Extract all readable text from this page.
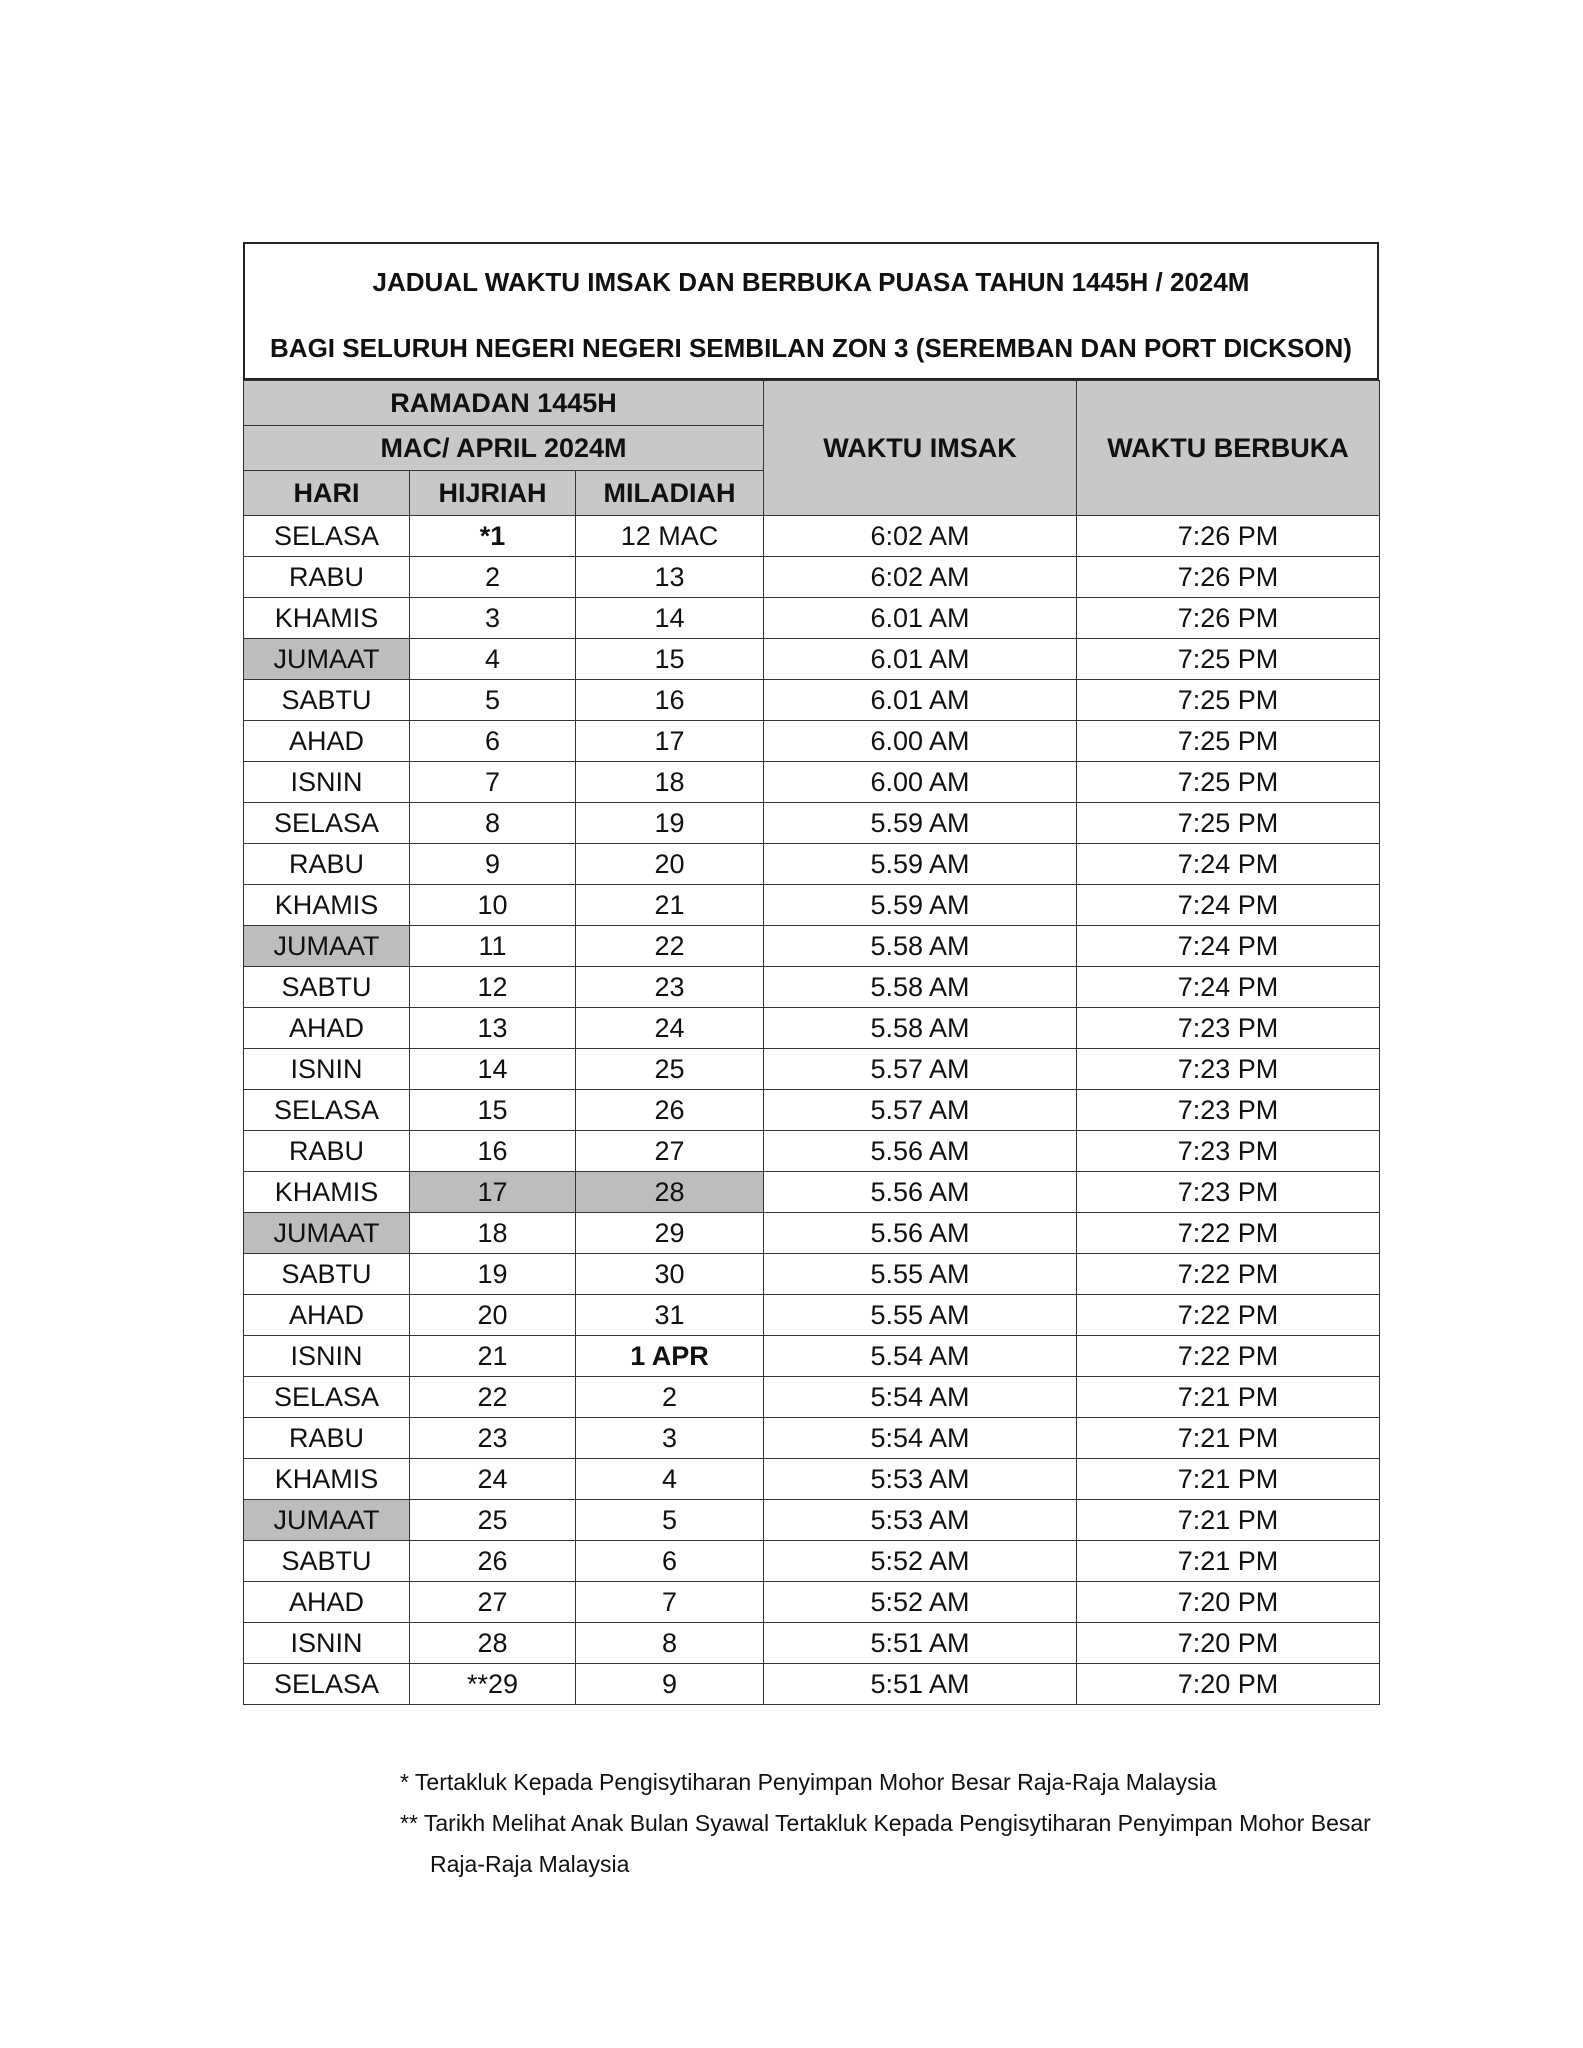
JADUAL WAKTU IMSAK DAN BERBUKA PUASA TAHUN 1445H / 2024M
BAGI SELURUH NEGERI NEGERI SEMBILAN ZON 3 (SEREMBAN DAN PORT DICKSON)
RAMADAN 1445H			WAKTU IMSAK	WAKTU BERBUKA
MAC/ APRIL 2024M				
HARI	HIJRIAH	MILADIAH		
SELASA	*1	12 MAC	6:02 AM	7:26 PM
RABU	2	13	6:02 AM	7:26 PM
KHAMIS	3	14	6.01 AM	7:26 PM
JUMAAT	4	15	6.01 AM	7:25 PM
SABTU	5	16	6.01 AM	7:25 PM
AHAD	6	17	6.00 AM	7:25 PM
ISNIN	7	18	6.00 AM	7:25 PM
SELASA	8	19	5.59 AM	7:25 PM
RABU	9	20	5.59 AM	7:24 PM
KHAMIS	10	21	5.59 AM	7:24 PM
JUMAAT	11	22	5.58 AM	7:24 PM
SABTU	12	23	5.58 AM	7:24 PM
AHAD	13	24	5.58 AM	7:23 PM
ISNIN	14	25	5.57 AM	7:23 PM
SELASA	15	26	5.57 AM	7:23 PM
RABU	16	27	5.56 AM	7:23 PM
KHAMIS	17	28	5.56 AM	7:23 PM
JUMAAT	18	29	5.56 AM	7:22 PM
SABTU	19	30	5.55 AM	7:22 PM
AHAD	20	31	5.55 AM	7:22 PM
ISNIN	21	1 APR	5.54 AM	7:22 PM
SELASA	22	2	5:54 AM	7:21 PM
RABU	23	3	5:54 AM	7:21 PM
KHAMIS	24	4	5:53 AM	7:21 PM
JUMAAT	25	5	5:53 AM	7:21 PM
SABTU	26	6	5:52 AM	7:21 PM
AHAD	27	7	5:52 AM	7:20 PM
ISNIN	28	8	5:51 AM	7:20 PM
SELASA	**29	9	5:51 AM	7:20 PM
* Tertakluk Kepada Pengisytiharan Penyimpan Mohor Besar Raja-Raja Malaysia
** Tarikh Melihat Anak Bulan Syawal Tertakluk Kepada Pengisytiharan Penyimpan Mohor Besar
Raja-Raja Malaysia
